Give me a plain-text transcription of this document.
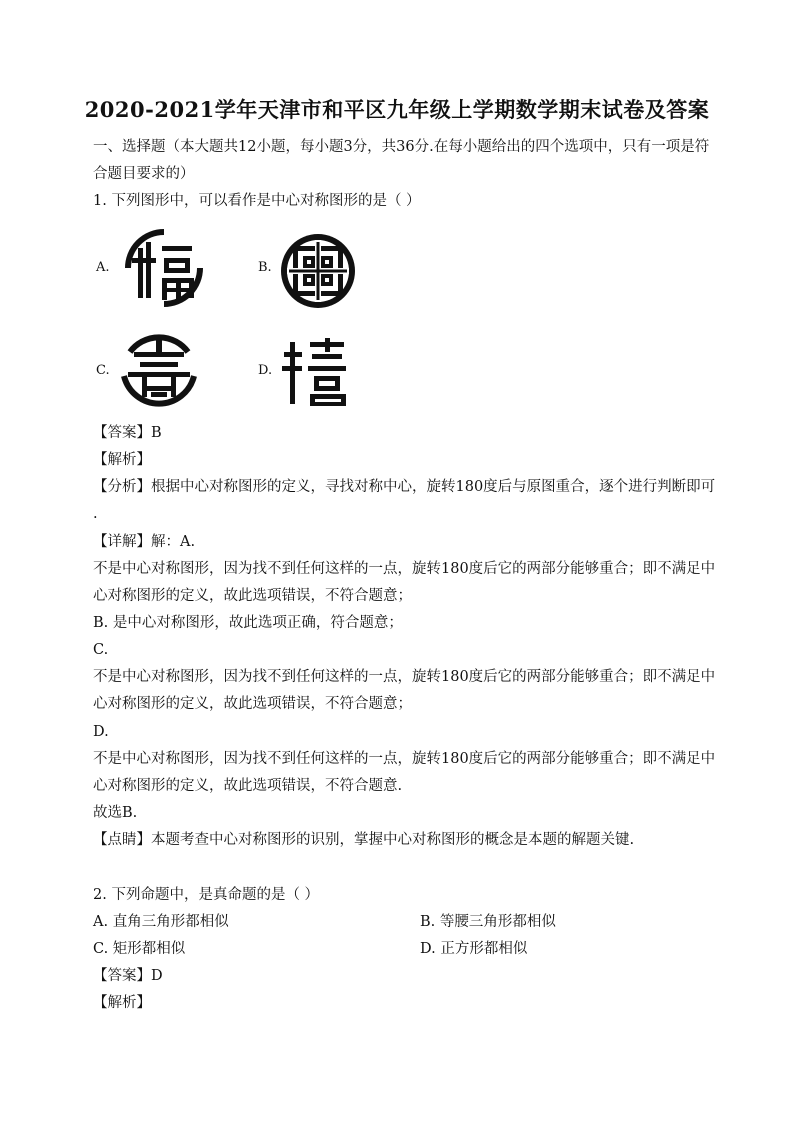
2020-2021学年天津市和平区九年级上学期数学期末试卷及答案
一、选择题（本大题共12小题，每小题3分，共36分.在每小题给出的四个选项中，只有一项是符
合题目要求的）
1. 下列图形中，可以看作是中心对称图形的是（ ）
A.	B.
C.	D.
【答案】B
【解析】
【分析】根据中心对称图形的定义，寻找对称中心，旋转180度后与原图重合，逐个进行判断即可
.
【详解】解：A.
不是中心对称图形，因为找不到任何这样的一点，旋转180度后它的两部分能够重合；即不满足中
心对称图形的定义，故此选项错误，不符合题意；
B. 是中心对称图形，故此选项正确，符合题意；
C.
不是中心对称图形，因为找不到任何这样的一点，旋转180度后它的两部分能够重合；即不满足中
心对称图形的定义，故此选项错误，不符合题意；
D.
不是中心对称图形，因为找不到任何这样的一点，旋转180度后它的两部分能够重合；即不满足中
心对称图形的定义，故此选项错误，不符合题意.
故选B.
【点睛】本题考查中心对称图形的识别，掌握中心对称图形的概念是本题的解题关键.
2. 下列命题中，是真命题的是（ ）
A. 直角三角形都相似	B. 等腰三角形都相似
C. 矩形都相似	D. 正方形都相似
【答案】D
【解析】
